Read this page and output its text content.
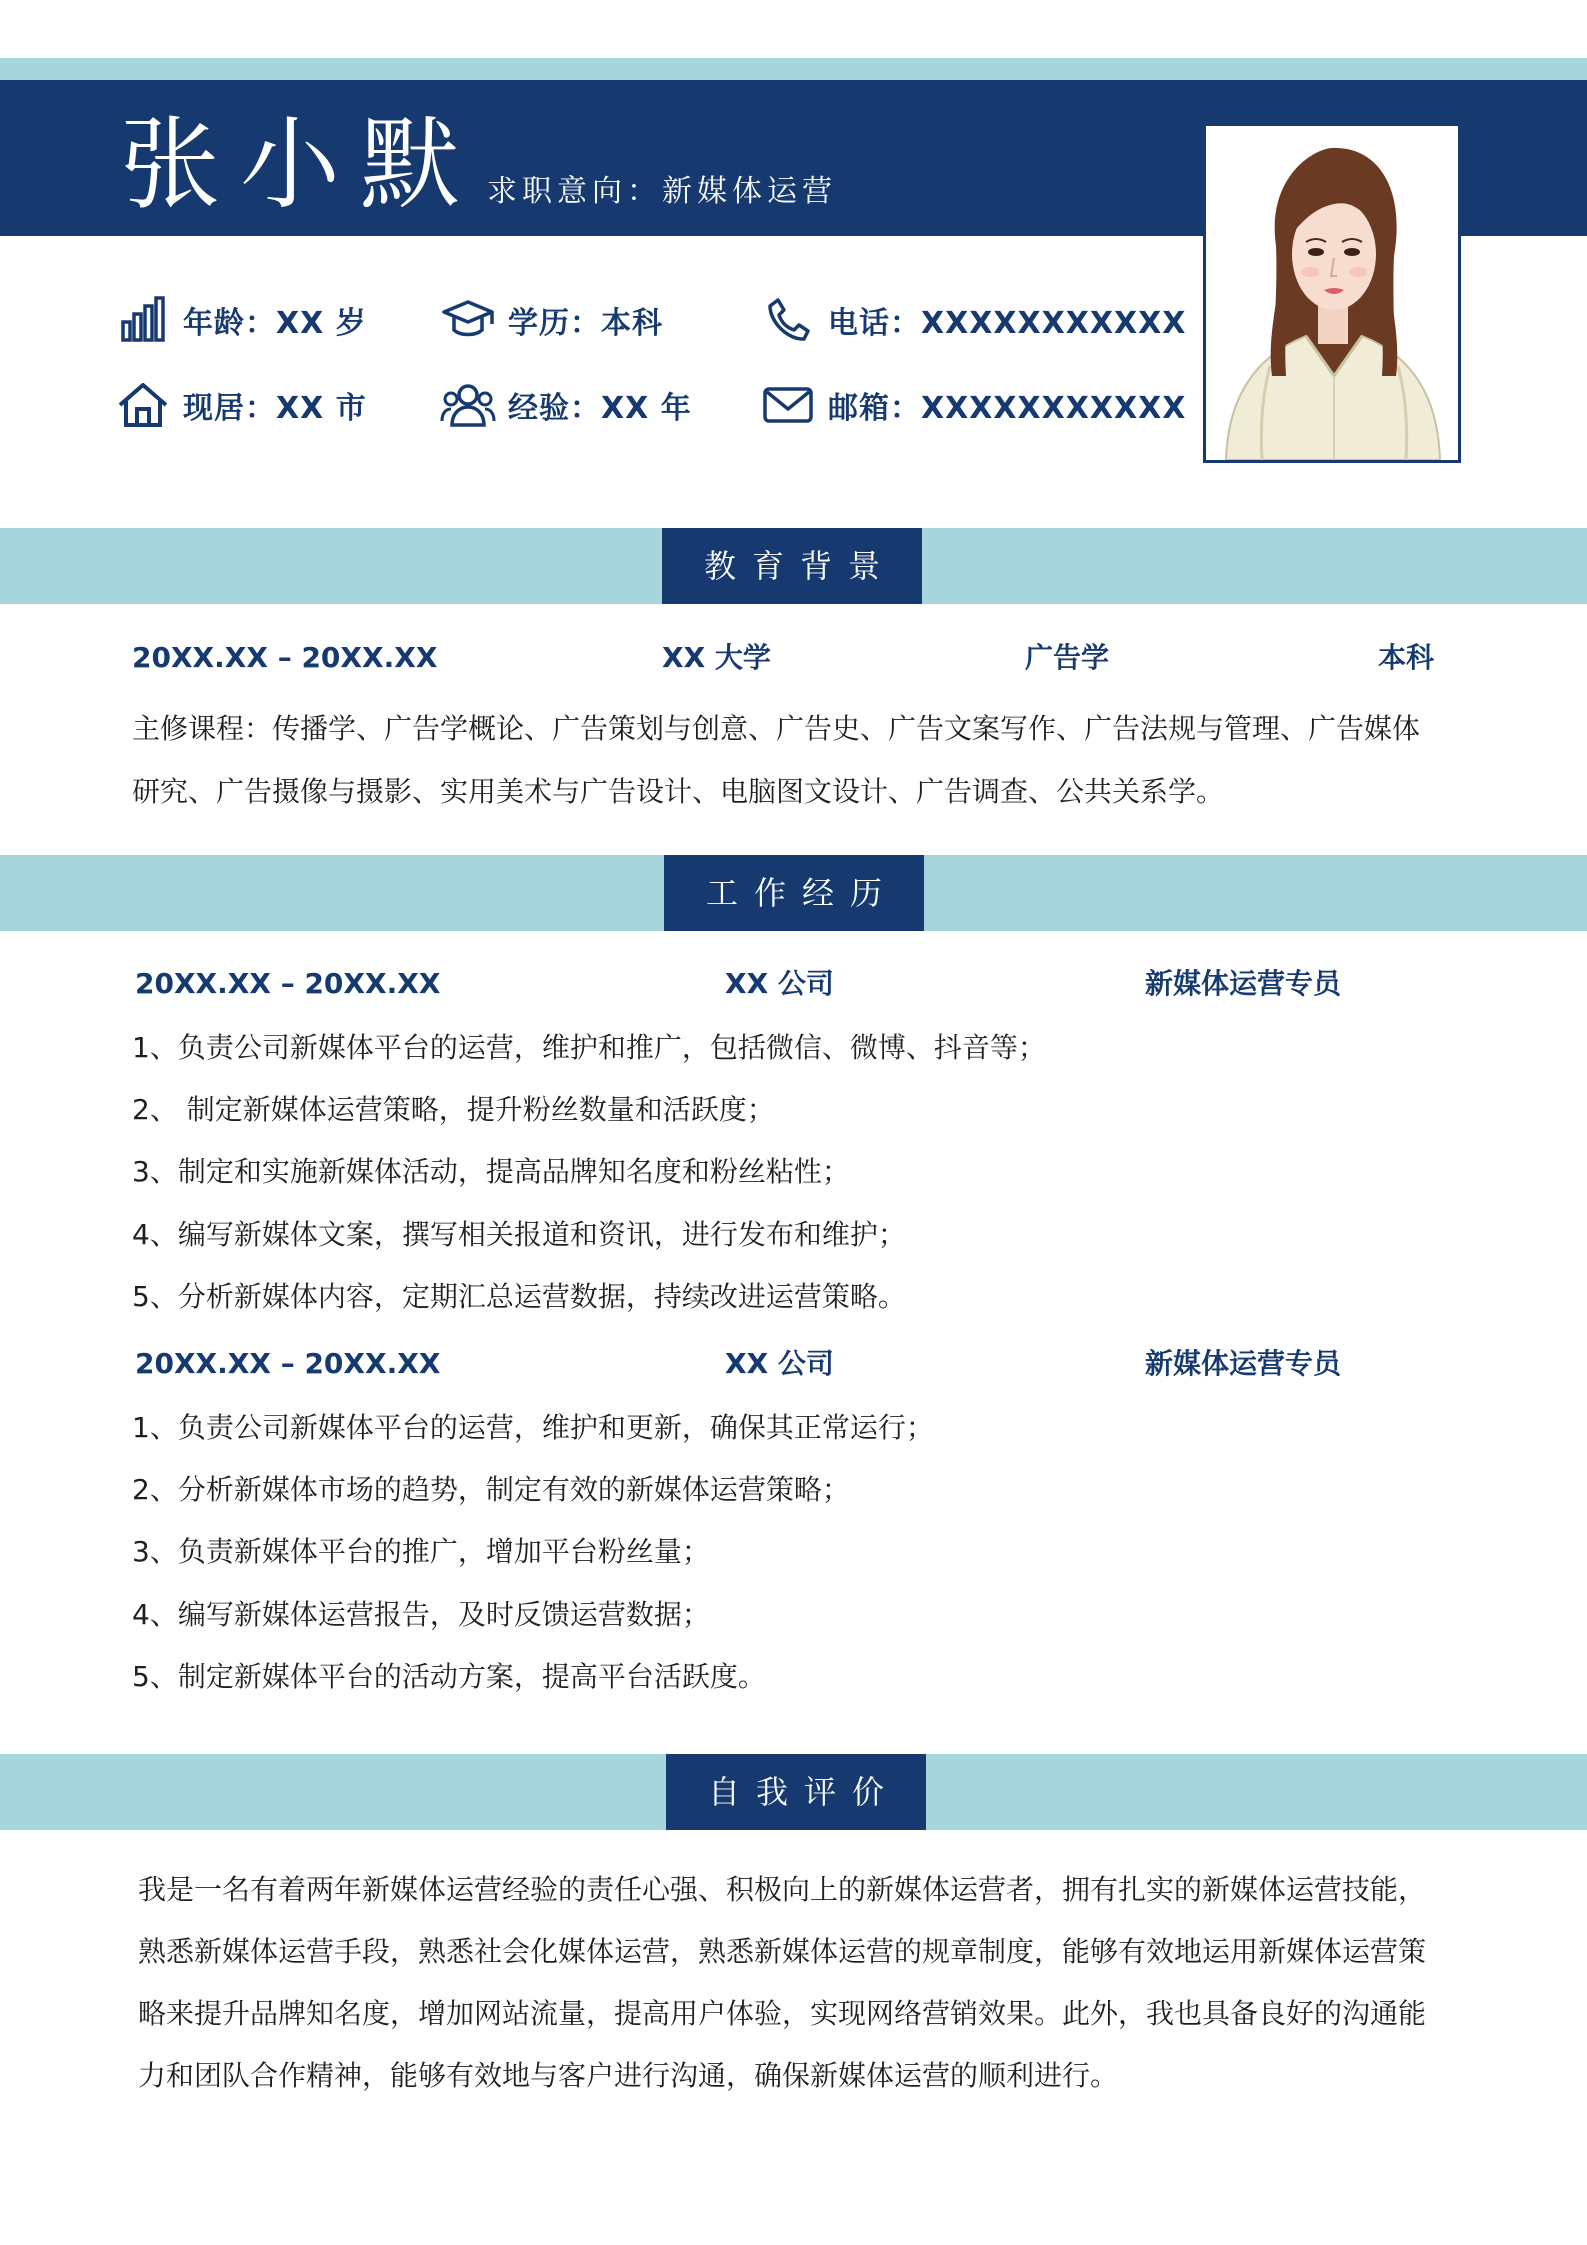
张小默 求职意向：新媒体运营
年龄：XX 岁	学历：本科	电话：XXXXXXXXXXX
现居：XX 市	经验：XX 年	邮箱：XXXXXXXXXXX
教育背景
20XX.XX – 20XX.XX	XX 大学	广告学	本科
主修课程：传播学、广告学概论、广告策划与创意、广告史、广告文案写作、广告法规与管理、广告媒体
研究、广告摄像与摄影、实用美术与广告设计、电脑图文设计、广告调查、公共关系学。
工作经历
20XX.XX – 20XX.XX	XX 公司	新媒体运营专员
1、负责公司新媒体平台的运营，维护和推广，包括微信、微博、抖音等；
2、 制定新媒体运营策略，提升粉丝数量和活跃度；
3、制定和实施新媒体活动，提高品牌知名度和粉丝粘性；
4、编写新媒体文案，撰写相关报道和资讯，进行发布和维护；
5、分析新媒体内容，定期汇总运营数据，持续改进运营策略。
20XX.XX – 20XX.XX	XX 公司	新媒体运营专员
1、负责公司新媒体平台的运营，维护和更新，确保其正常运行；
2、分析新媒体市场的趋势，制定有效的新媒体运营策略；
3、负责新媒体平台的推广，增加平台粉丝量；
4、编写新媒体运营报告，及时反馈运营数据；
5、制定新媒体平台的活动方案，提高平台活跃度。
自我评价
我是一名有着两年新媒体运营经验的责任心强、积极向上的新媒体运营者，拥有扎实的新媒体运营技能，
熟悉新媒体运营手段，熟悉社会化媒体运营，熟悉新媒体运营的规章制度，能够有效地运用新媒体运营策
略来提升品牌知名度，增加网站流量，提高用户体验，实现网络营销效果。此外，我也具备良好的沟通能
力和团队合作精神，能够有效地与客户进行沟通，确保新媒体运营的顺利进行。
